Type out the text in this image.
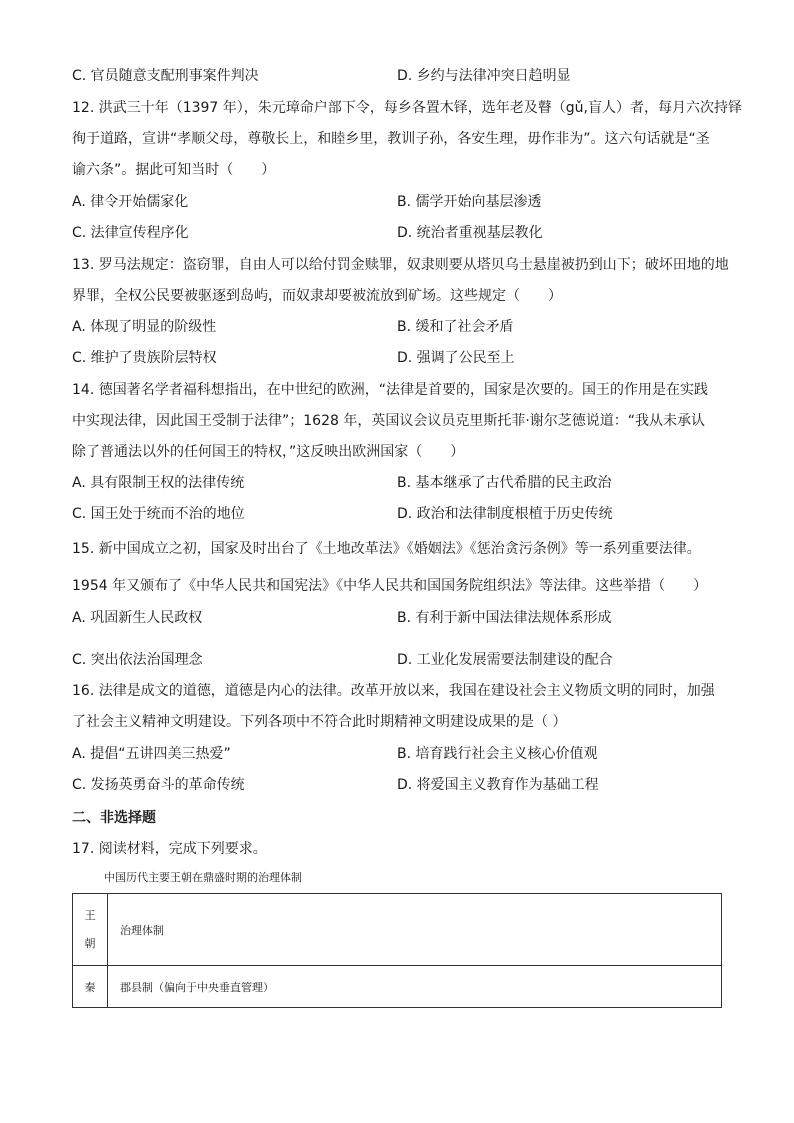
C. 官员随意支配刑事案件判决	D. 乡约与法律冲突日趋明显
12. 洪武三十年（1397 年），朱元璋命户部下令，每乡各置木铎，选年老及瞽（gǔ,盲人）者，每月六次持铎
徇于道路，宣讲“孝顺父母，尊敬长上，和睦乡里，教训子孙，各安生理，毋作非为”。这六句话就是“圣
谕六条”。据此可知当时（　　）
A. 律令开始儒家化	B. 儒学开始向基层渗透
C. 法律宣传程序化	D. 统治者重视基层教化
13. 罗马法规定：盗窃罪，自由人可以给付罚金赎罪，奴隶则要从塔贝乌士悬崖被扔到山下；破坏田地的地
界罪，全权公民要被驱逐到岛屿，而奴隶却要被流放到矿场。这些规定（　　）
A. 体现了明显的阶级性	B. 缓和了社会矛盾
C. 维护了贵族阶层特权	D. 强调了公民至上
14. 德国著名学者福科想指出，在中世纪的欧洲，“法律是首要的，国家是次要的。国王的作用是在实践
中实现法律，因此国王受制于法律”；1628 年，英国议会议员克里斯托菲·谢尔芝德说道：“我从未承认
除了普通法以外的任何国王的特权，”这反映出欧洲国家（　　）
A. 具有限制王权的法律传统	B. 基本继承了古代希腊的民主政治
C. 国王处于统而不治的地位	D. 政治和法律制度根植于历史传统
15. 新中国成立之初，国家及时出台了《土地改革法》《婚姻法》《惩治贪污条例》等一系列重要法律。
1954 年又颁布了《中华人民共和国宪法》《中华人民共和国国务院组织法》等法律。这些举措（　　）
A. 巩固新生人民政权	B. 有利于新中国法律法规体系形成
C. 突出依法治国理念	D. 工业化发展需要法制建设的配合
16. 法律是成文的道德，道德是内心的法律。改革开放以来，我国在建设社会主义物质文明的同时，加强
了社会主义精神文明建设。下列各项中不符合此时期精神文明建设成果的是（ ）
A. 提倡“五讲四美三热爱”	B. 培育践行社会主义核心价值观
C. 发扬英勇奋斗的革命传统	D. 将爱国主义教育作为基础工程
二、非选择题
17. 阅读材料，完成下列要求。
中国历代主要王朝在鼎盛时期的治理体制
王
朝	治理体制
秦	郡县制（偏向于中央垂直管理）
